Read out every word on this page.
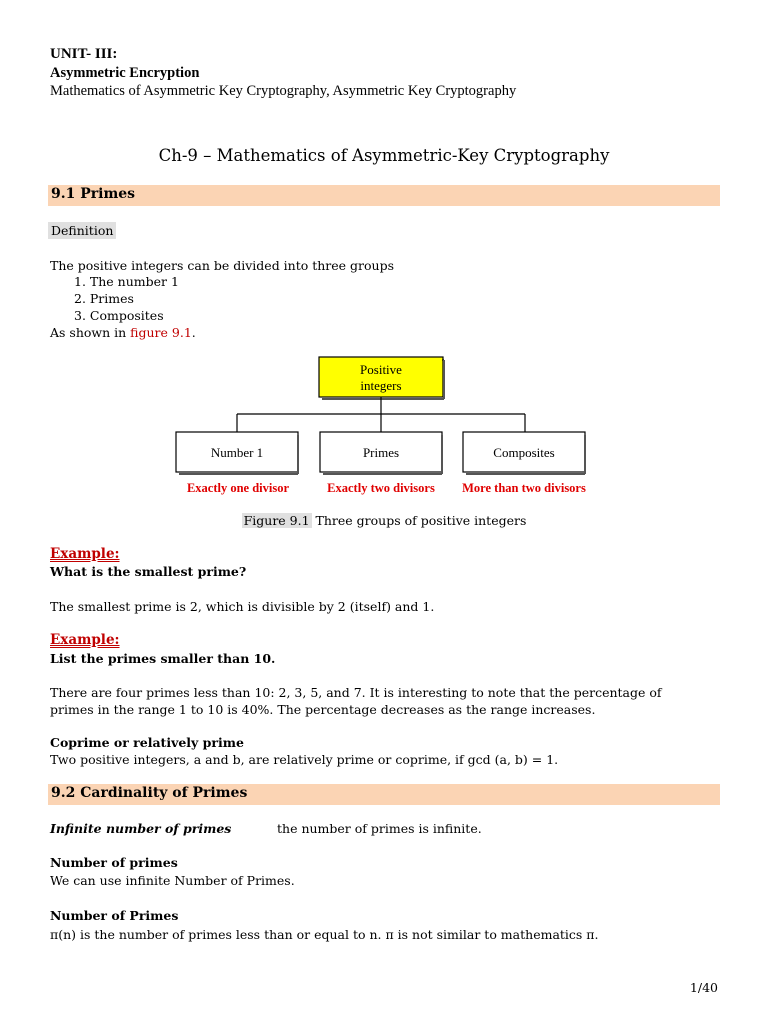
UNIT- III:
Asymmetric Encryption
Mathematics of Asymmetric Key Cryptography, Asymmetric Key Cryptography
Ch-9 – Mathematics of Asymmetric-Key Cryptography
9.1 Primes
Definition
The positive integers can be divided into three groups
1. The number 1
2. Primes
3. Composites
As shown in figure 9.1.
Positive
integers
Number 1	Primes	Composites
Exactly one divisor	Exactly two divisors More than two divisors
Figure 9.1 Three groups of positive integers
Example:
What is the smallest prime?
The smallest prime is 2, which is divisible by 2 (itself) and 1.
Example:
List the primes smaller than 10.
There are four primes less than 10: 2, 3, 5, and 7. It is interesting to note that the percentage of
primes in the range 1 to 10 is 40%. The percentage decreases as the range increases.
Coprime or relatively prime
Two positive integers, a and b, are relatively prime or coprime, if gcd (a, b) = 1.
9.2 Cardinality of Primes
Infinite number of primes	the number of primes is infinite.
Number of primes
We can use infinite Number of Primes.
Number of Primes
π(n) is the number of primes less than or equal to n. π is not similar to mathematics π.
1/40
